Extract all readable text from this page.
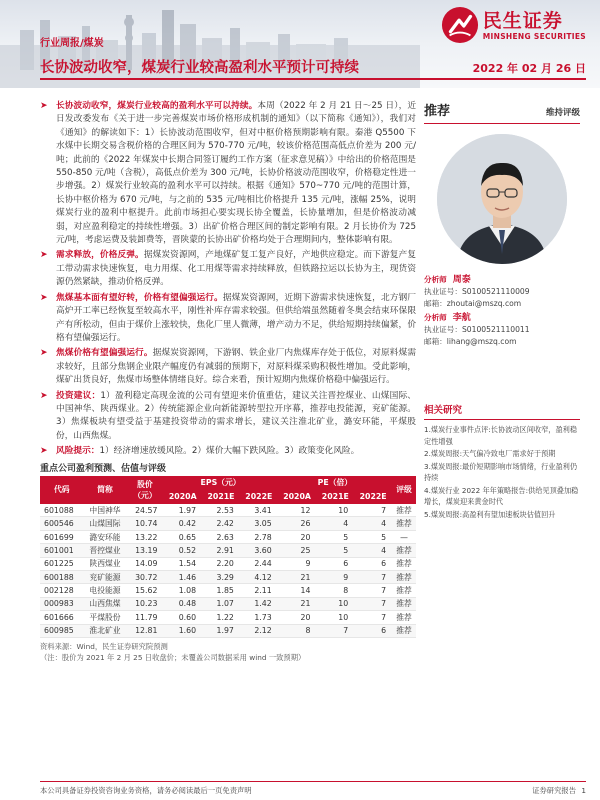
民生证券
MINSHENG SECURITIES
行业周报/煤炭
长协波动收窄，煤炭行业较高盈利水平预计可持续	2022 年 02 月 26 日

➤ 长协波动收窄，煤炭行业较高的盈利水平可以持续。本周（2022 年 2 月 21 日～25 日），近日发改委发布《关于进一步完善煤炭市场价格形成机制的通知》（以下简称《通知》），我们对《通知》的解读如下：1）长协波动范围收窄，但对中枢价格预期影响有限。秦港 Q5500 下水煤中长期交易含税价格的合理区间为 570-770 元/吨，较该价格范围高低点价差为 200 元/吨；此前的《2022 年煤炭中长期合同签订履约工作方案（征求意见稿）》中给出的价格范围是 550-850 元/吨（含税），高低点价差为 300 元/吨，长协价格波动范围收窄，价格稳定性进一步增强。2）煤炭行业较高的盈利水平可以持续。根据《通知》570~770 元/吨的范围计算，长协中枢价格为 670 元/吨，与之前的 535 元/吨相比价格提升 135 元/吨，涨幅 25%，说明煤炭行业的盈利中枢提升。此前市场担心要实现长协全覆盖，长协量增加，但是价格波动减弱，对应盈利稳定的持续性增强。3）出矿价格合理区间的制定影响有限。2 月长协价为 725 元/吨，考虑运费及装卸费等，晋陕蒙的长协出矿价格均处于合理期间内，整体影响有限。

➤ 需求释放，价格反弹。据煤炭资源网，产地煤矿复工复产良好，产地供应稳定。而下游复产复工带动需求快速恢复，电力用煤、化工用煤等需求持续释放，但铁路拉运以长协为主，现货资源仍然紧缺，推动价格反弹。

➤ 焦煤基本面有望好转，价格有望偏强运行。据煤炭资源网，近期下游需求快速恢复，北方钢厂高炉开工率已经恢复至较高水平，刚性补库存需求较强。但供给端虽然随着冬奥会结束环保限产有所松动，但由于煤价上涨较快，焦化厂里人微薄，增产动力不足，供给短期持续偏紧，价格有望偏强运行。

➤ 焦煤价格有望偏强运行。据煤炭资源网，下游钢、铁企业厂内焦煤库存处于低位，对原料煤需求较好，且部分焦钢企业限产幅度仍有减弱的预期下，对原料煤采购积极性增加。受此影响，煤矿出货良好，焦煤市场整体情绪良好。综合来看，预计短期内焦煤价格稳中偏强运行。

➤ 投资建议：1）盈利稳定高现金流的公司有望迎来价值重估，建议关注晋控煤业、山煤国际、中国神华、陕西煤业。2）传统能源企业向新能源转型拉开序幕，推荐电投能源，兖矿能源。3）焦煤板块有望受益于基建投资带动的需求增长，建议关注淮北矿业，潞安环能，平煤股份，山西焦煤。

➤ 风险提示：1）经济增速放缓风险。2）煤价大幅下跌风险。3）政策变化风险。

重点公司盈利预测、估值与评级
代码	简称	股价
（元）	EPS（元）			PE（倍）			评级
			2020A	2021E	2022E	2020A	2021E	2022E	
601088	中国神华	24.57	1.97	2.53	3.41	12	10	7	推荐
600546	山煤国际	10.74	0.42	2.42	3.05	26	4	4	推荐
601699	潞安环能	13.22	0.65	2.63	2.78	20	5	5	—
601001	晋控煤业	13.19	0.52	2.91	3.60	25	5	4	推荐
601225	陕西煤业	14.09	1.54	2.20	2.44	9	6	6	推荐
600188	兖矿能源	30.72	1.46	3.29	4.12	21	9	7	推荐
002128	电投能源	15.62	1.08	1.85	2.11	14	8	7	推荐
000983	山西焦煤	10.23	0.48	1.07	1.42	21	10	7	推荐
601666	平煤股份	11.79	0.60	1.22	1.73	20	10	7	推荐
600985	淮北矿业	12.81	1.60	1.97	2.12	8	7	6	推荐
资料来源：Wind，民生证券研究院预测
（注：股价为 2021 年 2 月 25 日收盘价；未覆盖公司数据采用 wind 一致预期）
推荐	维持评级
分析师 周泰
执业证号：S0100521110009
邮箱：zhoutai@mszq.com
分析师 李航
执业证号：S0100521110011
邮箱：lihang@mszq.com
相关研究
1.煤炭行业事件点评:长协波动区间收窄，盈利稳定性增强
2.煤炭周报:天气偏冷致电厂需求好于预期
3.煤炭周报:最价短期影响市场情绪，行业盈利仍持续
4.煤炭行业 2022 年年策略报告:供给见顶叠加稳增长，煤炭迎来黄金时代
5.煤炭周报:高盈利有望加速板块估值回升
本公司具备证券投资咨询业务资格，请务必阅读最后一页免责声明	证券研究报告 1
